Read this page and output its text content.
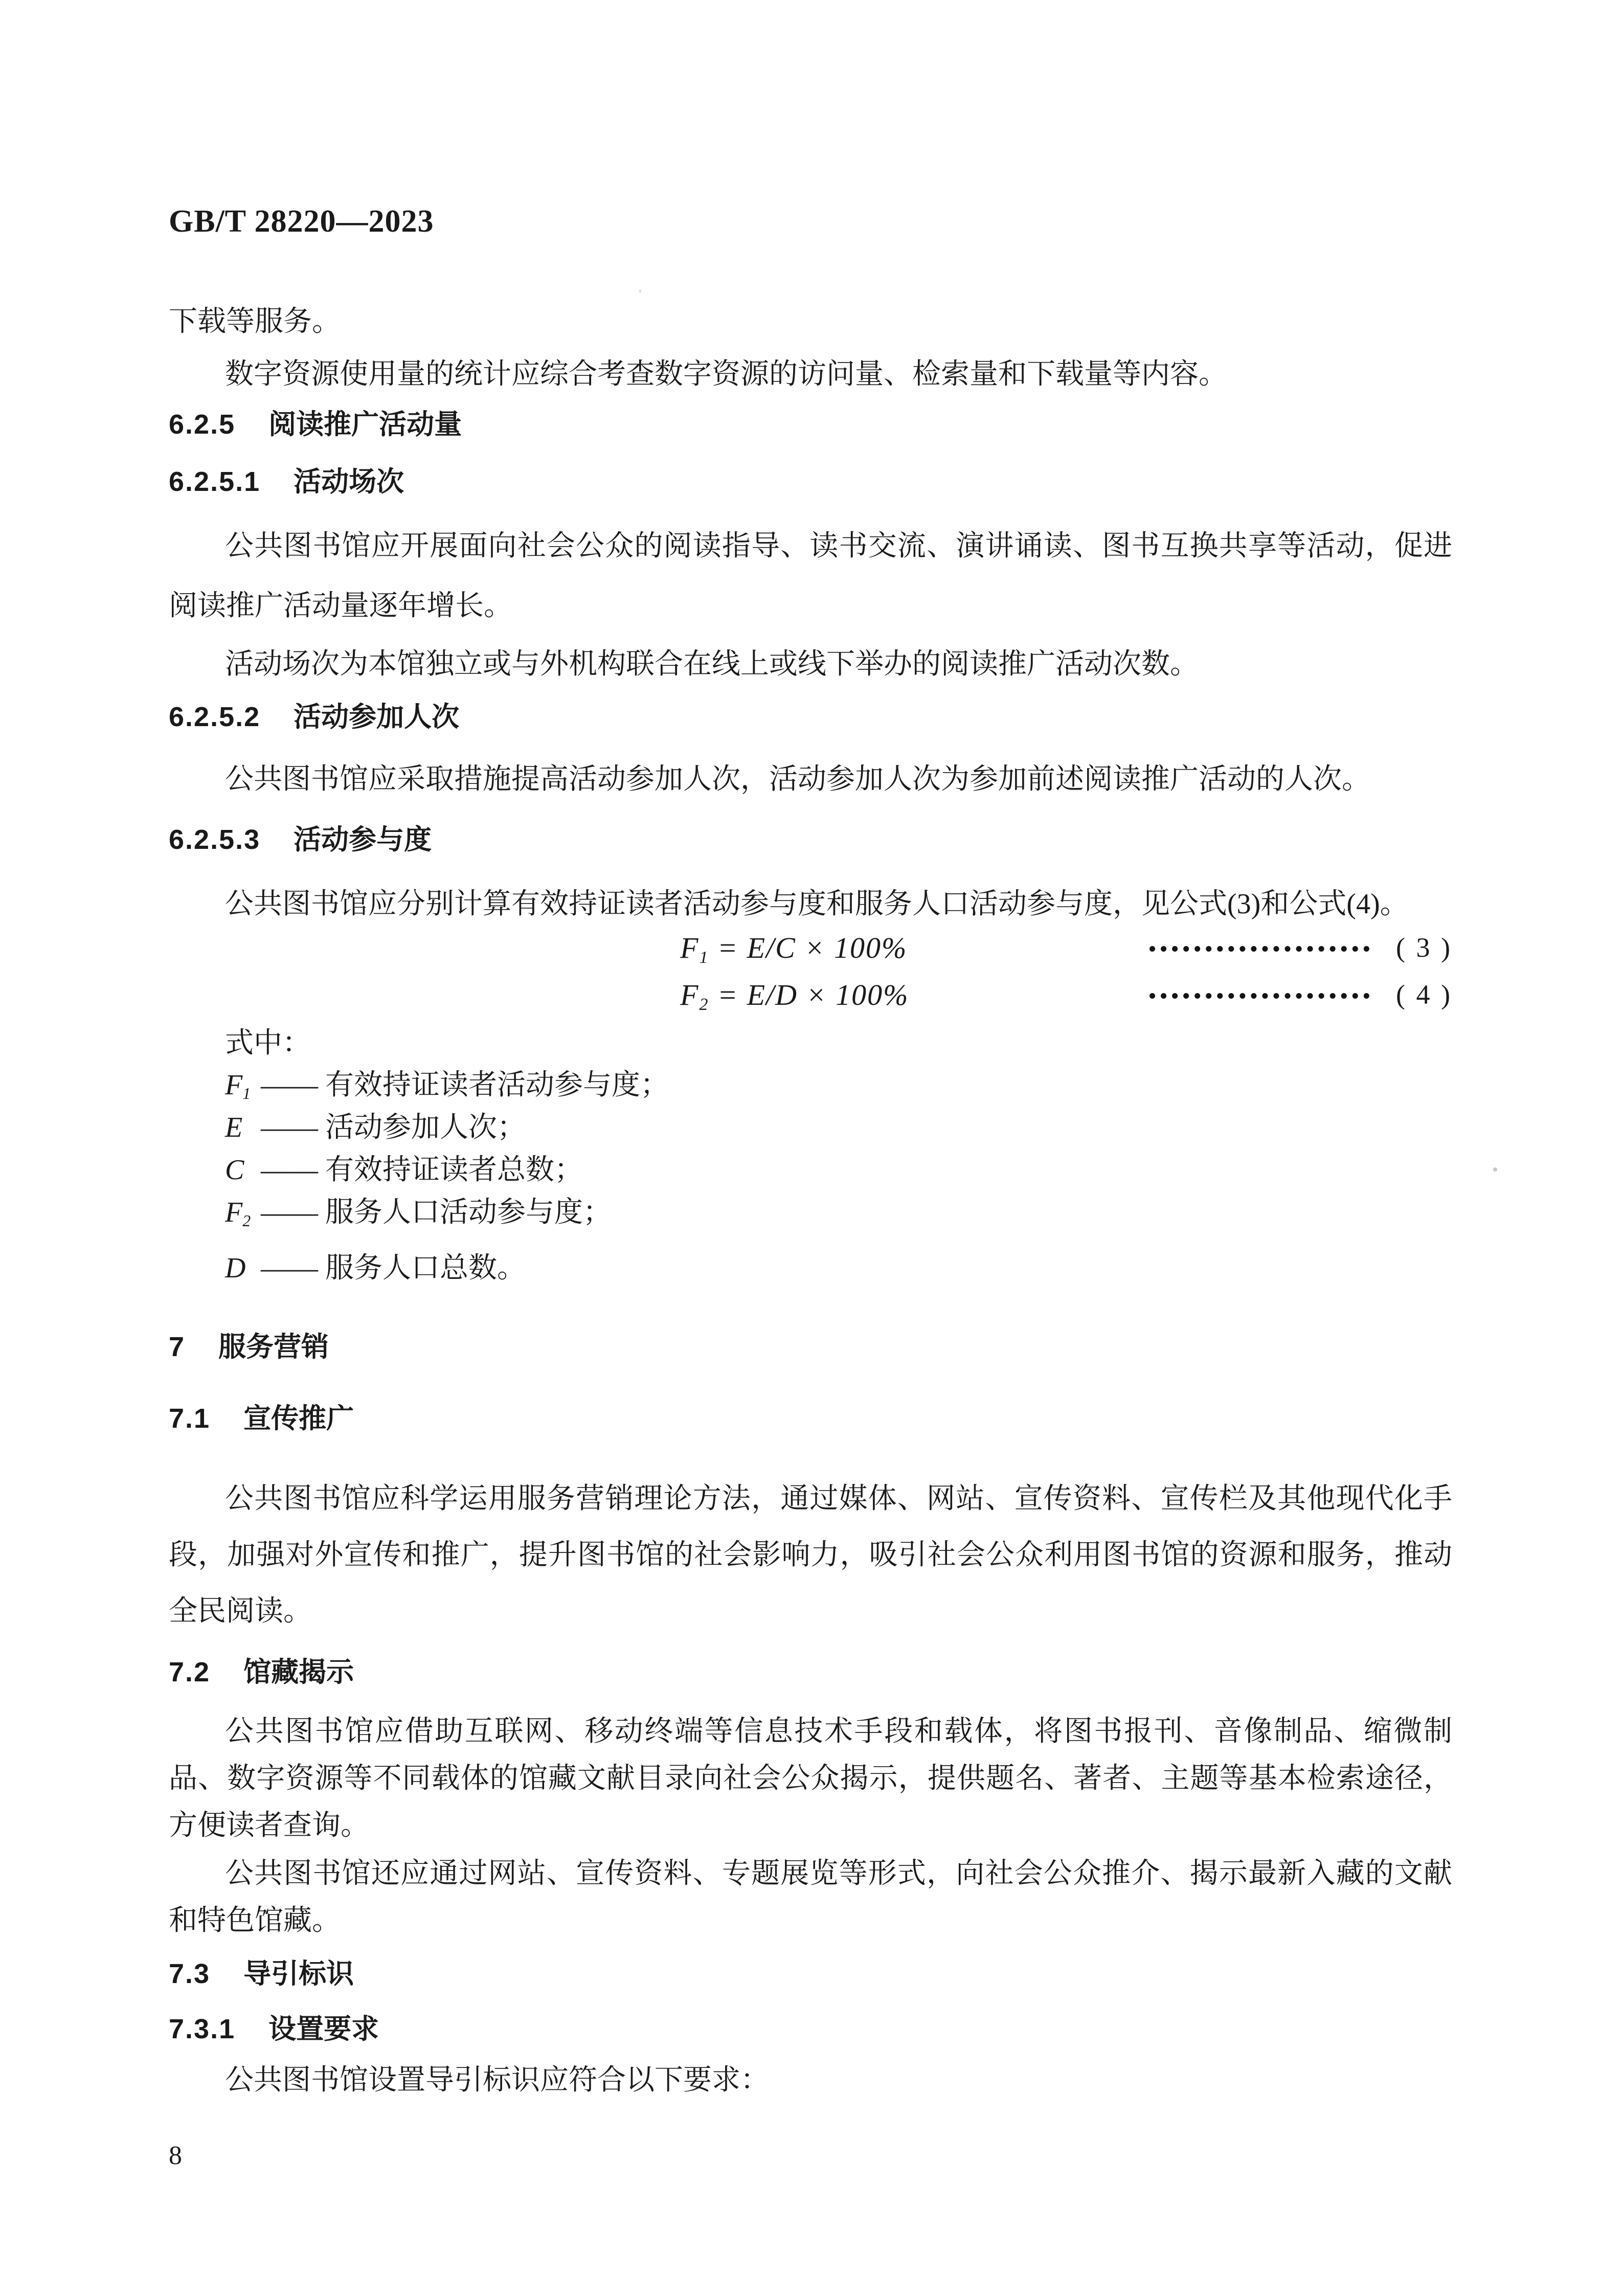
GB/T 28220—2023
下载等服务。
数字资源使用量的统计应综合考查数字资源的访问量、检索量和下载量等内容。
6.2.5 阅读推广活动量
6.2.5.1 活动场次
公共图书馆应开展面向社会公众的阅读指导、读书交流、演讲诵读、图书互换共享等活动，促进阅读推广活动量逐年增长。
活动场次为本馆独立或与外机构联合在线上或线下举办的阅读推广活动次数。
6.2.5.2 活动参加人次
公共图书馆应采取措施提高活动参加人次，活动参加人次为参加前述阅读推广活动的人次。
6.2.5.3 活动参与度
公共图书馆应分别计算有效持证读者活动参与度和服务人口活动参与度，见公式(3)和公式(4)。
$F_1 = E/C \times 100\%$	( 3 )
$F_2 = E/D \times 100\%$	( 4 )
式中：
$F_1$ —— 有效持证读者活动参与度；
E —— 活动参加人次；
C —— 有效持证读者总数；
$F_2$ —— 服务人口活动参与度；
D —— 服务人口总数。
7 服务营销
7.1 宣传推广
公共图书馆应科学运用服务营销理论方法，通过媒体、网站、宣传资料、宣传栏及其他现代化手段，加强对外宣传和推广，提升图书馆的社会影响力，吸引社会公众利用图书馆的资源和服务，推动全民阅读。
7.2 馆藏揭示
公共图书馆应借助互联网、移动终端等信息技术手段和载体，将图书报刊、音像制品、缩微制品、数字资源等不同载体的馆藏文献目录向社会公众揭示，提供题名、著者、主题等基本检索途径，方便读者查询。
公共图书馆还应通过网站、宣传资料、专题展览等形式，向社会公众推介、揭示最新入藏的文献和特色馆藏。
7.3 导引标识
7.3.1 设置要求
公共图书馆设置导引标识应符合以下要求：
8
